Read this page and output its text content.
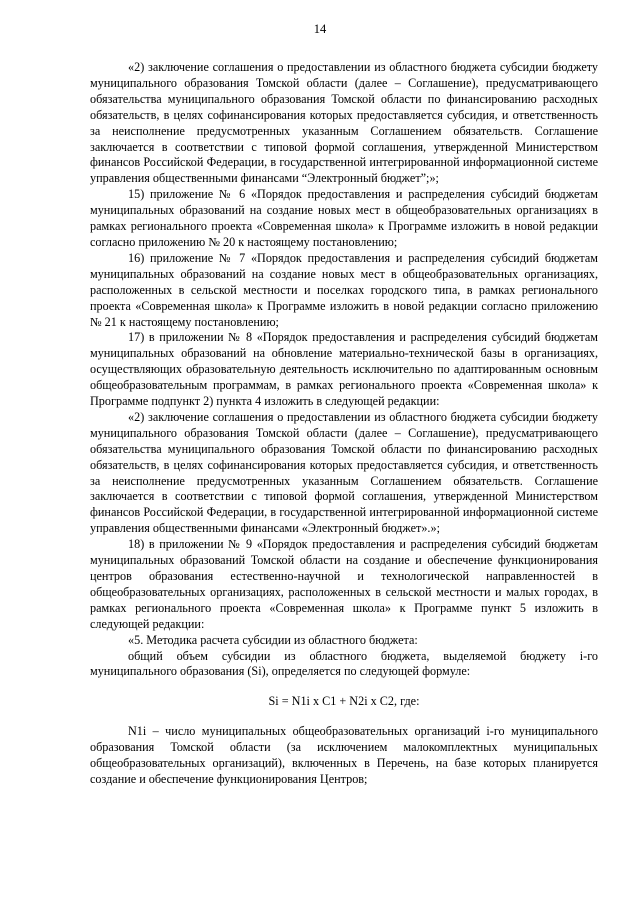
14

«2) заключение соглашения о предоставлении из областного бюджета субсидии бюджету муниципального образования Томской области (далее – Соглашение), предусматривающего обязательства муниципального образования Томской области по финансированию расходных обязательств, в целях софинансирования которых предоставляется субсидия, и ответственность за неисполнение предусмотренных указанным Соглашением обязательств. Соглашение заключается в соответствии с типовой формой соглашения, утвержденной Министерством финансов Российской Федерации, в государственной интегрированной информационной системе управления общественными финансами “Электронный бюджет”;»;

15) приложение № 6 «Порядок предоставления и распределения субсидий бюджетам муниципальных образований на создание новых мест в общеобразовательных организациях в рамках регионального проекта «Современная школа» к Программе изложить в новой редакции согласно приложению № 20 к настоящему постановлению;

16) приложение № 7 «Порядок предоставления и распределения субсидий бюджетам муниципальных образований на создание новых мест в общеобразовательных организациях, расположенных в сельской местности и поселках городского типа, в рамках регионального проекта «Современная школа» к Программе изложить в новой редакции согласно приложению № 21 к настоящему постановлению;

17) в приложении № 8 «Порядок предоставления и распределения субсидий бюджетам муниципальных образований на обновление материально-технической базы в организациях, осуществляющих образовательную деятельность исключительно по адаптированным основным общеобразовательным программам, в рамках регионального проекта «Современная школа» к Программе подпункт 2) пункта 4 изложить в следующей редакции:

«2) заключение соглашения о предоставлении из областного бюджета субсидии бюджету муниципального образования Томской области (далее – Соглашение), предусматривающего обязательства муниципального образования Томской области по финансированию расходных обязательств, в целях софинансирования которых предоставляется субсидия, и ответственность за неисполнение предусмотренных указанным Соглашением обязательств. Соглашение заключается в соответствии с типовой формой соглашения, утвержденной Министерством финансов Российской Федерации, в государственной интегрированной информационной системе управления общественными финансами «Электронный бюджет».»;

18) в приложении № 9 «Порядок предоставления и распределения субсидий бюджетам муниципальных образований Томской области на создание и обеспечение функционирования центров образования естественно-научной и технологической направленностей в общеобразовательных организациях, расположенных в сельской местности и малых городах, в рамках регионального проекта «Современная школа» к Программе пункт 5 изложить в следующей редакции:

«5. Методика расчета субсидии из областного бюджета:

общий объем субсидии из областного бюджета, выделяемой бюджету i-го муниципального образования (Si), определяется по следующей формуле:

Si = N1i x C1 + N2i x C2, где:

N1i – число муниципальных общеобразовательных организаций i-го муниципального образования Томской области (за исключением малокомплектных муниципальных общеобразовательных организаций), включенных в Перечень, на базе которых планируется создание и обеспечение функционирования Центров;
